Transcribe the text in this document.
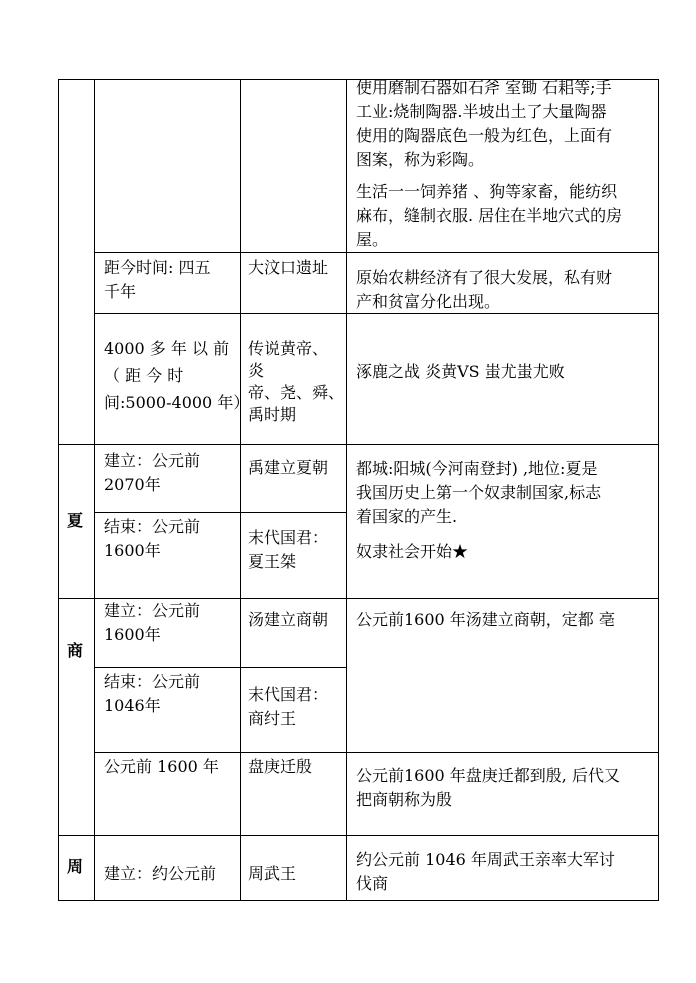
使用磨制石器如石斧 室锄 石耜等;手
工业:烧制陶器.半坡出土了大量陶器
使用的陶器底色一般为红色，上面有
图案，称为彩陶。
生活一一饲养猪 、狗等家畜，能纺织
麻布，缝制衣服. 居住在半地穴式的房
屋。
距今时间: 四五
千年
大汶口遗址
原始农耕经济有了很大发展，私有财
产和贫富分化出现。
4000 多 年 以 前
（ 距 今 时
间:5000-4000 年）
传说黄帝、
炎
帝、尧、舜、
禹时期
涿鹿之战 炎黄VS 蚩尤蚩尤败
夏
建立：公元前
2070年
禹建立夏朝
结束：公元前
1600年
末代国君：
夏王桀
都城:阳城(今河南登封) ,地位:夏是
我国历史上第一个奴隶制国家,标志
着国家的产生.
奴隶社会开始★
商
建立：公元前
1600年
汤建立商朝 公元前1600 年汤建立商朝，定都 亳
结束：公元前
1046年
末代国君：
商纣王
公元前 1600 年 盘庚迁殷	公元前1600 年盘庚迁都到殷, 后代又
把商朝称为殷
周 建立：约公元前 周武王
约公元前 1046 年周武王亲率大军讨
伐商
